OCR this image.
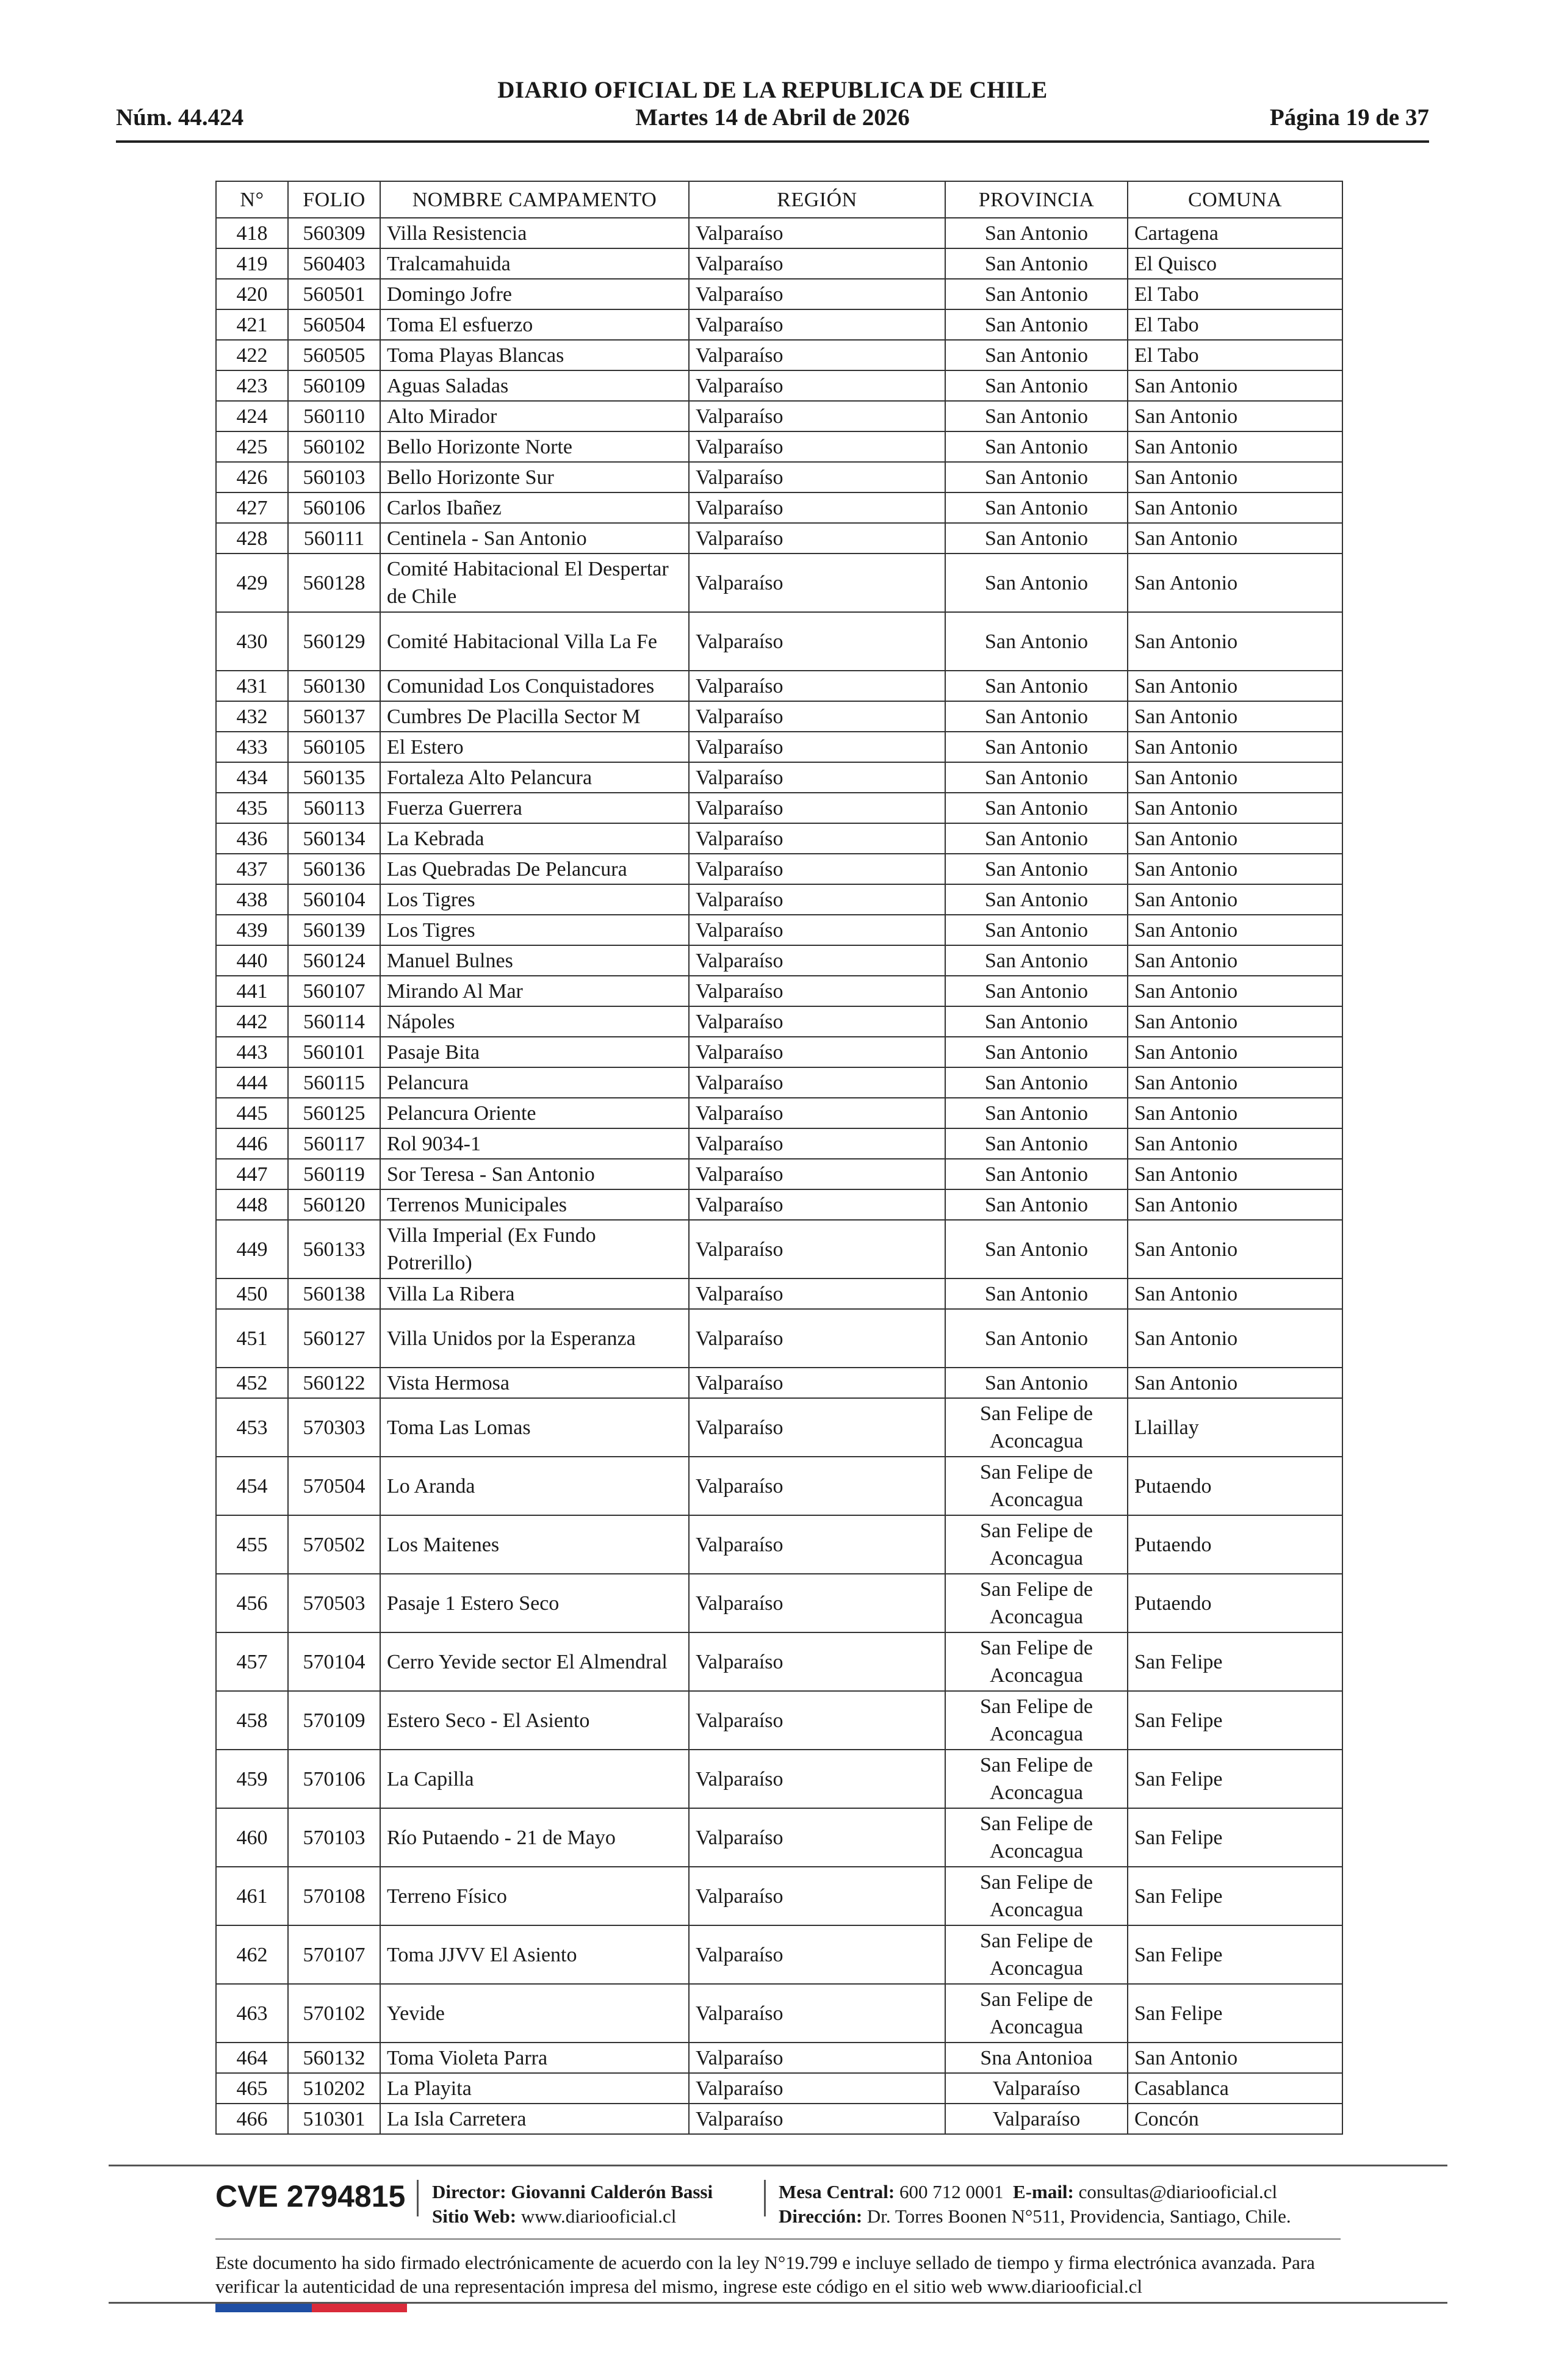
DIARIO OFICIAL DE LA REPUBLICA DE CHILE
Núm. 44.424	Martes 14 de Abril de 2026	Página 19 de 37
N°	FOLIO	NOMBRE CAMPAMENTO	REGIÓN	PROVINCIA	COMUNA
418	560309	Villa Resistencia	Valparaíso	San Antonio	Cartagena
419	560403	Tralcamahuida	Valparaíso	San Antonio	El Quisco
420	560501	Domingo Jofre	Valparaíso	San Antonio	El Tabo
421	560504	Toma El esfuerzo	Valparaíso	San Antonio	El Tabo
422	560505	Toma Playas Blancas	Valparaíso	San Antonio	El Tabo
423	560109	Aguas Saladas	Valparaíso	San Antonio	San Antonio
424	560110	Alto Mirador	Valparaíso	San Antonio	San Antonio
425	560102	Bello Horizonte Norte	Valparaíso	San Antonio	San Antonio
426	560103	Bello Horizonte Sur	Valparaíso	San Antonio	San Antonio
427	560106	Carlos Ibañez	Valparaíso	San Antonio	San Antonio
428	560111	Centinela - San Antonio	Valparaíso	San Antonio	San Antonio
429	560128	Comité Habitacional El Despertar de Chile	Valparaíso	San Antonio	San Antonio
430	560129	Comité Habitacional Villa La Fe	Valparaíso	San Antonio	San Antonio
431	560130	Comunidad Los Conquistadores	Valparaíso	San Antonio	San Antonio
432	560137	Cumbres De Placilla Sector M	Valparaíso	San Antonio	San Antonio
433	560105	El Estero	Valparaíso	San Antonio	San Antonio
434	560135	Fortaleza Alto Pelancura	Valparaíso	San Antonio	San Antonio
435	560113	Fuerza Guerrera	Valparaíso	San Antonio	San Antonio
436	560134	La Kebrada	Valparaíso	San Antonio	San Antonio
437	560136	Las Quebradas De Pelancura	Valparaíso	San Antonio	San Antonio
438	560104	Los Tigres	Valparaíso	San Antonio	San Antonio
439	560139	Los Tigres	Valparaíso	San Antonio	San Antonio
440	560124	Manuel Bulnes	Valparaíso	San Antonio	San Antonio
441	560107	Mirando Al Mar	Valparaíso	San Antonio	San Antonio
442	560114	Nápoles	Valparaíso	San Antonio	San Antonio
443	560101	Pasaje Bita	Valparaíso	San Antonio	San Antonio
444	560115	Pelancura	Valparaíso	San Antonio	San Antonio
445	560125	Pelancura Oriente	Valparaíso	San Antonio	San Antonio
446	560117	Rol 9034-1	Valparaíso	San Antonio	San Antonio
447	560119	Sor Teresa - San Antonio	Valparaíso	San Antonio	San Antonio
448	560120	Terrenos Municipales	Valparaíso	San Antonio	San Antonio
449	560133	Villa Imperial (Ex Fundo Potrerillo)	Valparaíso	San Antonio	San Antonio
450	560138	Villa La Ribera	Valparaíso	San Antonio	San Antonio
451	560127	Villa Unidos por la Esperanza	Valparaíso	San Antonio	San Antonio
452	560122	Vista Hermosa	Valparaíso	San Antonio	San Antonio
453	570303	Toma Las Lomas	Valparaíso	San Felipe de Aconcagua	Llaillay
454	570504	Lo Aranda	Valparaíso	San Felipe de Aconcagua	Putaendo
455	570502	Los Maitenes	Valparaíso	San Felipe de Aconcagua	Putaendo
456	570503	Pasaje 1 Estero Seco	Valparaíso	San Felipe de Aconcagua	Putaendo
457	570104	Cerro Yevide sector El Almendral	Valparaíso	San Felipe de Aconcagua	San Felipe
458	570109	Estero Seco - El Asiento	Valparaíso	San Felipe de Aconcagua	San Felipe
459	570106	La Capilla	Valparaíso	San Felipe de Aconcagua	San Felipe
460	570103	Río Putaendo - 21 de Mayo	Valparaíso	San Felipe de Aconcagua	San Felipe
461	570108	Terreno Físico	Valparaíso	San Felipe de Aconcagua	San Felipe
462	570107	Toma JJVV El Asiento	Valparaíso	San Felipe de Aconcagua	San Felipe
463	570102	Yevide	Valparaíso	San Felipe de Aconcagua	San Felipe
464	560132	Toma Violeta Parra	Valparaíso	Sna Antonioa	San Antonio
465	510202	La Playita	Valparaíso	Valparaíso	Casablanca
466	510301	La Isla Carretera	Valparaíso	Valparaíso	Concón
CVE 2794815 Director: Giovanni Calderón Bassi
Sitio Web: www.diariooficial.cl
Mesa Central: 600 712 0001 E-mail: consultas@diariooficial.cl
Dirección: Dr. Torres Boonen N°511, Providencia, Santiago, Chile.
Este documento ha sido firmado electrónicamente de acuerdo con la ley N°19.799 e incluye sellado de tiempo y firma electrónica avanzada. Para verificar la autenticidad de una representación impresa del mismo, ingrese este código en el sitio web www.diariooficial.cl
